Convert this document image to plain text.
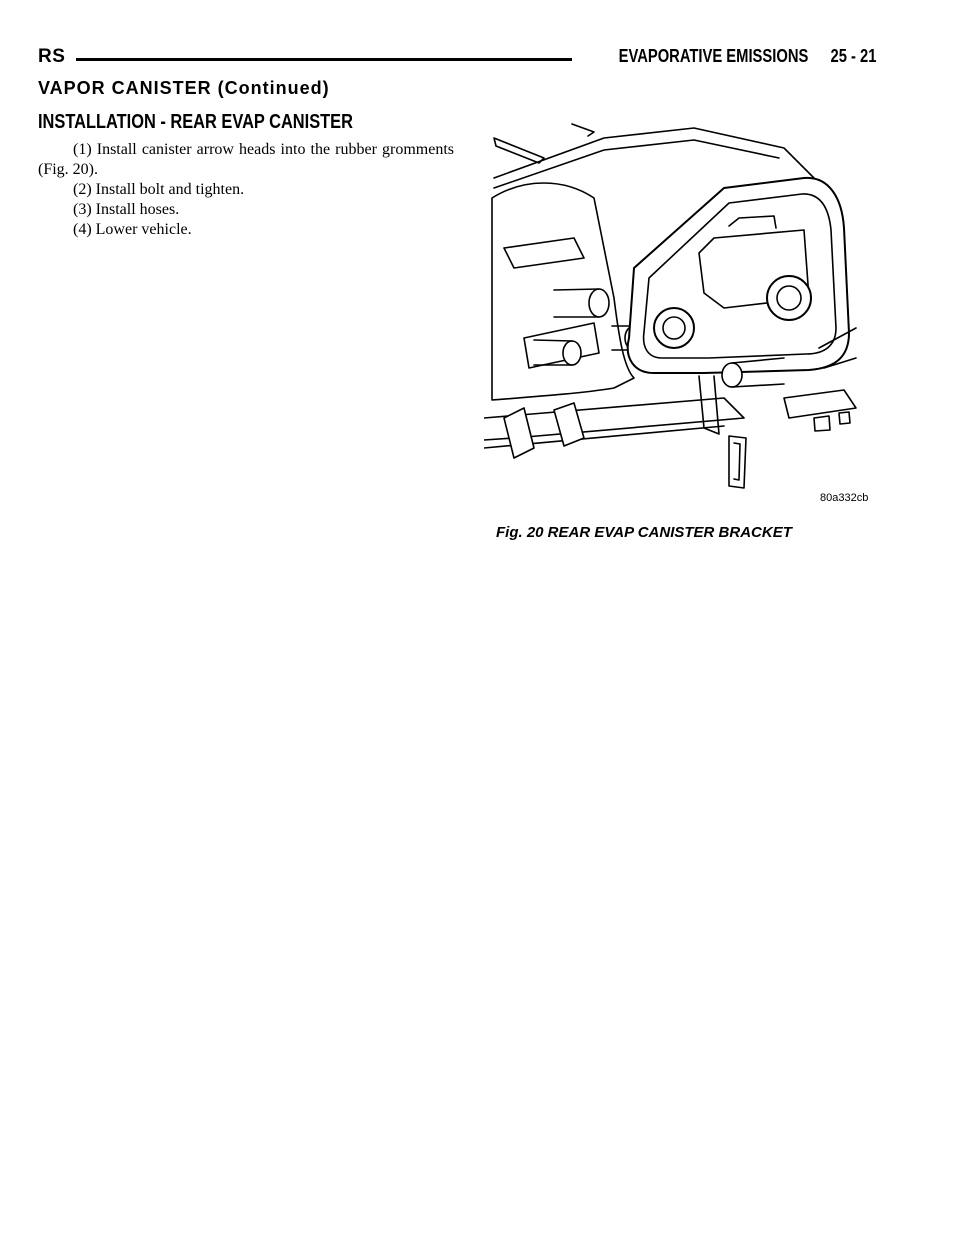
RS	EVAPORATIVE EMISSIONS 25 - 21
VAPOR CANISTER (Continued)
INSTALLATION - REAR EVAP CANISTER

(1) Install canister arrow heads into the rubber gromments (Fig. 20).

(2) Install bolt and tighten.

(3) Install hoses.

(4) Lower vehicle.

80a332cb
Fig. 20 REAR EVAP CANISTER BRACKET
